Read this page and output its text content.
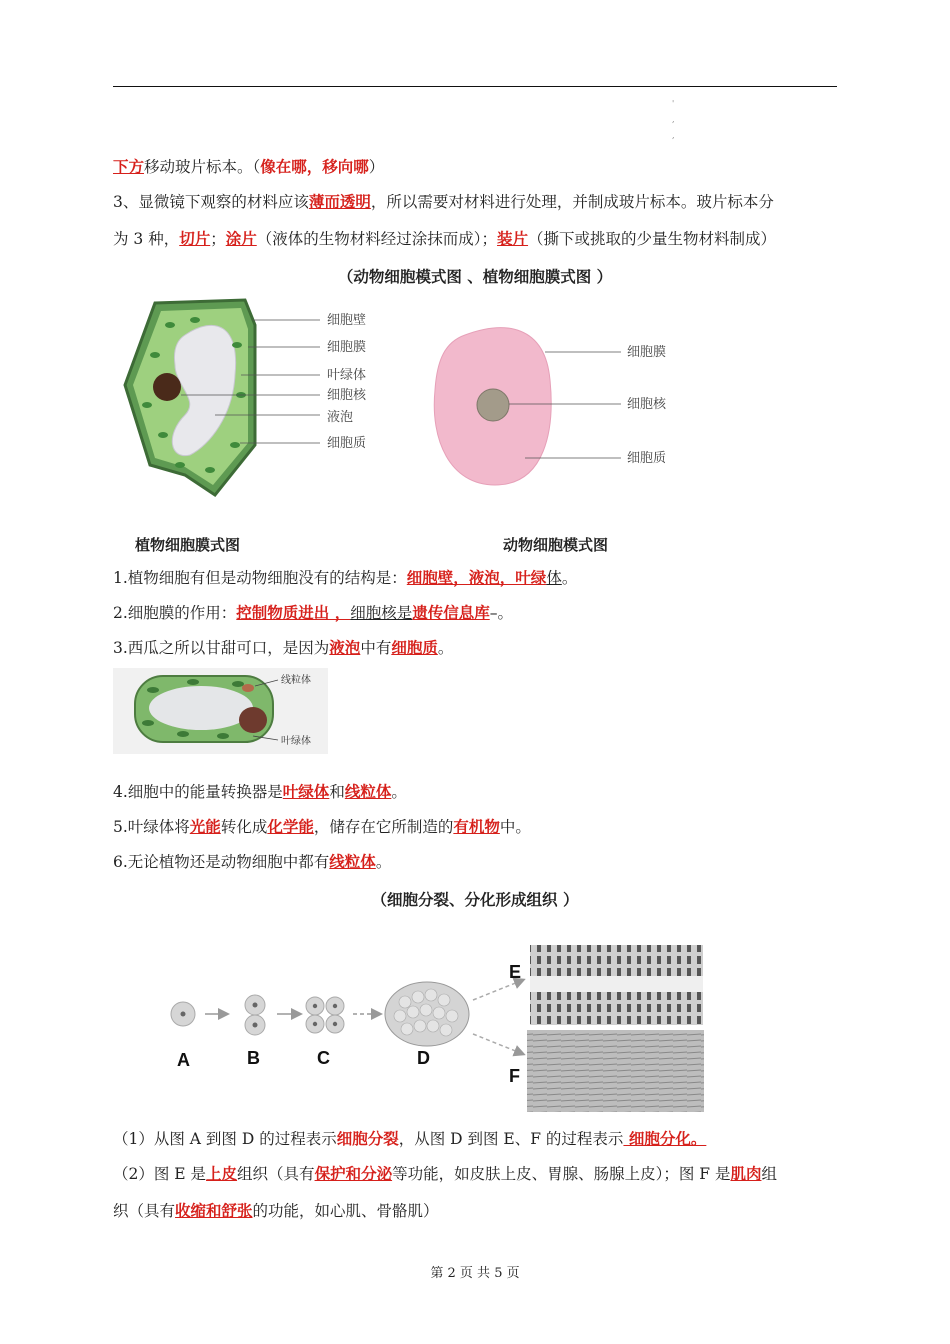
'
,
,
下方移动玻片标本。（像在哪，移向哪）
3、显微镜下观察的材料应该薄而透明，所以需要对材料进行处理，并制成玻片标本。玻片标本分
为 3 种，切片；涂片（液体的生物材料经过涂抹而成）；装片（撕下或挑取的少量生物材料制成）
（动物细胞模式图 、植物细胞膜式图 ）
细胞壁
细胞膜
叶绿体
细胞核
液泡
细胞质
细胞膜
细胞核
细胞质
植物细胞膜式图	动物细胞模式图
1.植物细胞有但是动物细胞没有的结构是：细胞壁，液泡，叶绿体。
2.细胞膜的作用：控制物质进出 ，细胞核是遗传信息库–。
3.西瓜之所以甘甜可口，是因为液泡中有细胞质。
线粒体
叶绿体
4.细胞中的能量转换器是叶绿体和线粒体。
5.叶绿体将光能转化成化学能，储存在它所制造的有机物中。
6.无论植物还是动物细胞中都有线粒体。
（细胞分裂、分化形成组织 ）
A	B	C	D
E
F
（1）从图 A 到图 D 的过程表示细胞分裂，从图 D 到图 E、F 的过程表示 细胞分化。
（2）图 E 是上皮组织（具有保护和分泌等功能，如皮肤上皮、胃腺、肠腺上皮）；图 F 是肌肉组
织（具有收缩和舒张的功能，如心肌、骨骼肌）
第 2 页 共 5 页
